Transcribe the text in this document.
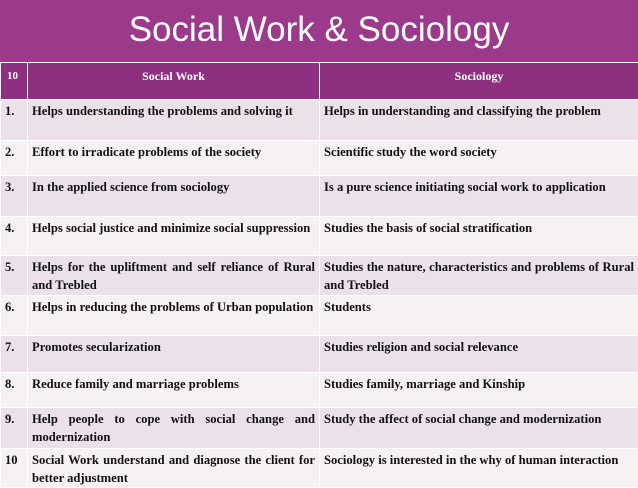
Social Work & Sociology
10	Social Work	Sociology
1.	Helps understanding the problems and solving it	Helps in understanding and classifying the problem
2.	Effort to irradicate problems of the society	Scientific study the word society
3.	In the applied science from sociology	Is a pure science initiating social work to application
4.	Helps social justice and minimize social suppression	Studies the basis of social stratification
5.	Helps for the upliftment and self reliance of Rural and Trebled	Studies the nature, characteristics and problems of Rural and Trebled
6.	Helps in reducing the problems of Urban population	Students
7.	Promotes secularization	Studies religion and social relevance
8.	Reduce family and marriage problems	Studies family, marriage and Kinship
9.	Help people to cope with social change and modernization	Study the affect of social change and modernization
10	Social Work understand and diagnose the client for better adjustment	Sociology is interested in the why of human interaction
